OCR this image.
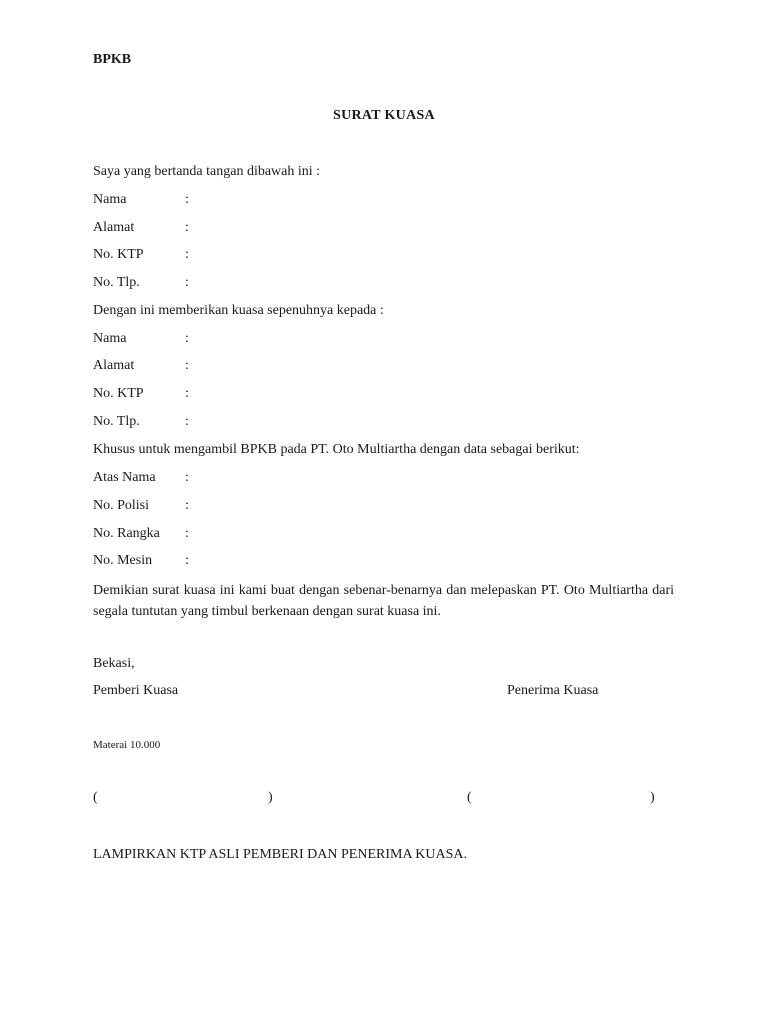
BPKB
SURAT KUASA
Saya yang bertanda tangan dibawah ini :
Nama	:
Alamat	:
No. KTP	:
No. Tlp.	:
Dengan ini memberikan kuasa sepenuhnya kepada :
Nama	:
Alamat	:
No. KTP	:
No. Tlp.	:
Khusus untuk mengambil BPKB pada PT. Oto Multiartha dengan data sebagai berikut:
Atas Nama :
No. Polisi	:
No. Rangka :
No. Mesin :
Demikian surat kuasa ini kami buat dengan sebenar-benarnya dan melepaskan PT. Oto Multiartha dari segala tuntutan yang timbul berkenaan dengan surat kuasa ini.
Bekasi,
Pemberi Kuasa	Penerima Kuasa
Materai 10.000
(	)	(	)
LAMPIRKAN KTP ASLI PEMBERI DAN PENERIMA KUASA.
